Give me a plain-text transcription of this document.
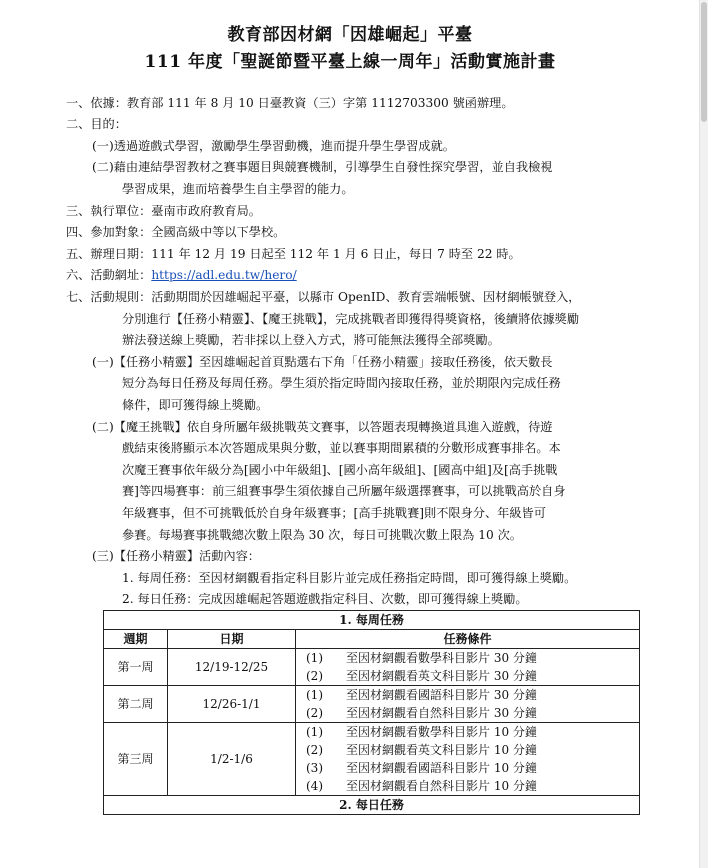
教育部因材網「因雄崛起」平臺
111 年度「聖誕節暨平臺上線一周年」活動實施計畫
一、依據：教育部 111 年 8 月 10 日臺教資（三）字第 1112703300 號函辦理。
二、目的：
(一)透過遊戲式學習，激勵學生學習動機，進而提升學生學習成就。
(二)藉由連結學習教材之賽事題目與競賽機制，引導學生自發性探究學習，並自我檢視
學習成果，進而培養學生自主學習的能力。
三、執行單位：臺南市政府教育局。
四、參加對象：全國高級中等以下學校。
五、辦理日期：111 年 12 月 19 日起至 112 年 1 月 6 日止，每日 7 時至 22 時。
六、活動網址：https://adl.edu.tw/hero/
七、活動規則：活動期間於因雄崛起平臺，以縣市 OpenID、教育雲端帳號、因材網帳號登入，
分別進行【任務小精靈】、【魔王挑戰】，完成挑戰者即獲得得獎資格，後續將依據獎勵
辦法發送線上獎勵，若非採以上登入方式，將可能無法獲得全部獎勵。
(一)【任務小精靈】至因雄崛起首頁點選右下角「任務小精靈」接取任務後，依天數長
短分為每日任務及每周任務。學生須於指定時間內接取任務，並於期限內完成任務
條件，即可獲得線上獎勵。
(二)【魔王挑戰】依自身所屬年級挑戰英文賽事，以答題表現轉換道具進入遊戲，待遊
戲結束後將顯示本次答題成果與分數，並以賽事期間累積的分數形成賽事排名。本
次魔王賽事依年級分為[國小中年級組]、[國小高年級組]、[國高中組]及[高手挑戰
賽]等四場賽事：前三組賽事學生須依據自己所屬年級選擇賽事，可以挑戰高於自身
年級賽事，但不可挑戰低於自身年級賽事；[高手挑戰賽]則不限身分、年級皆可
參賽。每場賽事挑戰總次數上限為 30 次，每日可挑戰次數上限為 10 次。
(三)【任務小精靈】活動內容：
1. 每周任務：至因材網觀看指定科目影片並完成任務指定時間，即可獲得線上獎勵。
2. 每日任務：完成因雄崛起答題遊戲指定科目、次數，即可獲得線上獎勵。
1. 每周任務		
週期	日期	任務條件
第一周	12/19-12/25	(1) 至因材網觀看數學科目影片 30 分鐘
(2) 至因材網觀看英文科目影片 30 分鐘

第二周	12/26-1/1	(1) 至因材網觀看國語科目影片 30 分鐘
(2) 至因材網觀看自然科目影片 30 分鐘

第三周	1/2-1/6	(1) 至因材網觀看數學科目影片 10 分鐘
(2) 至因材網觀看英文科目影片 10 分鐘
(3) 至因材網觀看國語科目影片 10 分鐘
(4) 至因材網觀看自然科目影片 10 分鐘

2. 每日任務		
